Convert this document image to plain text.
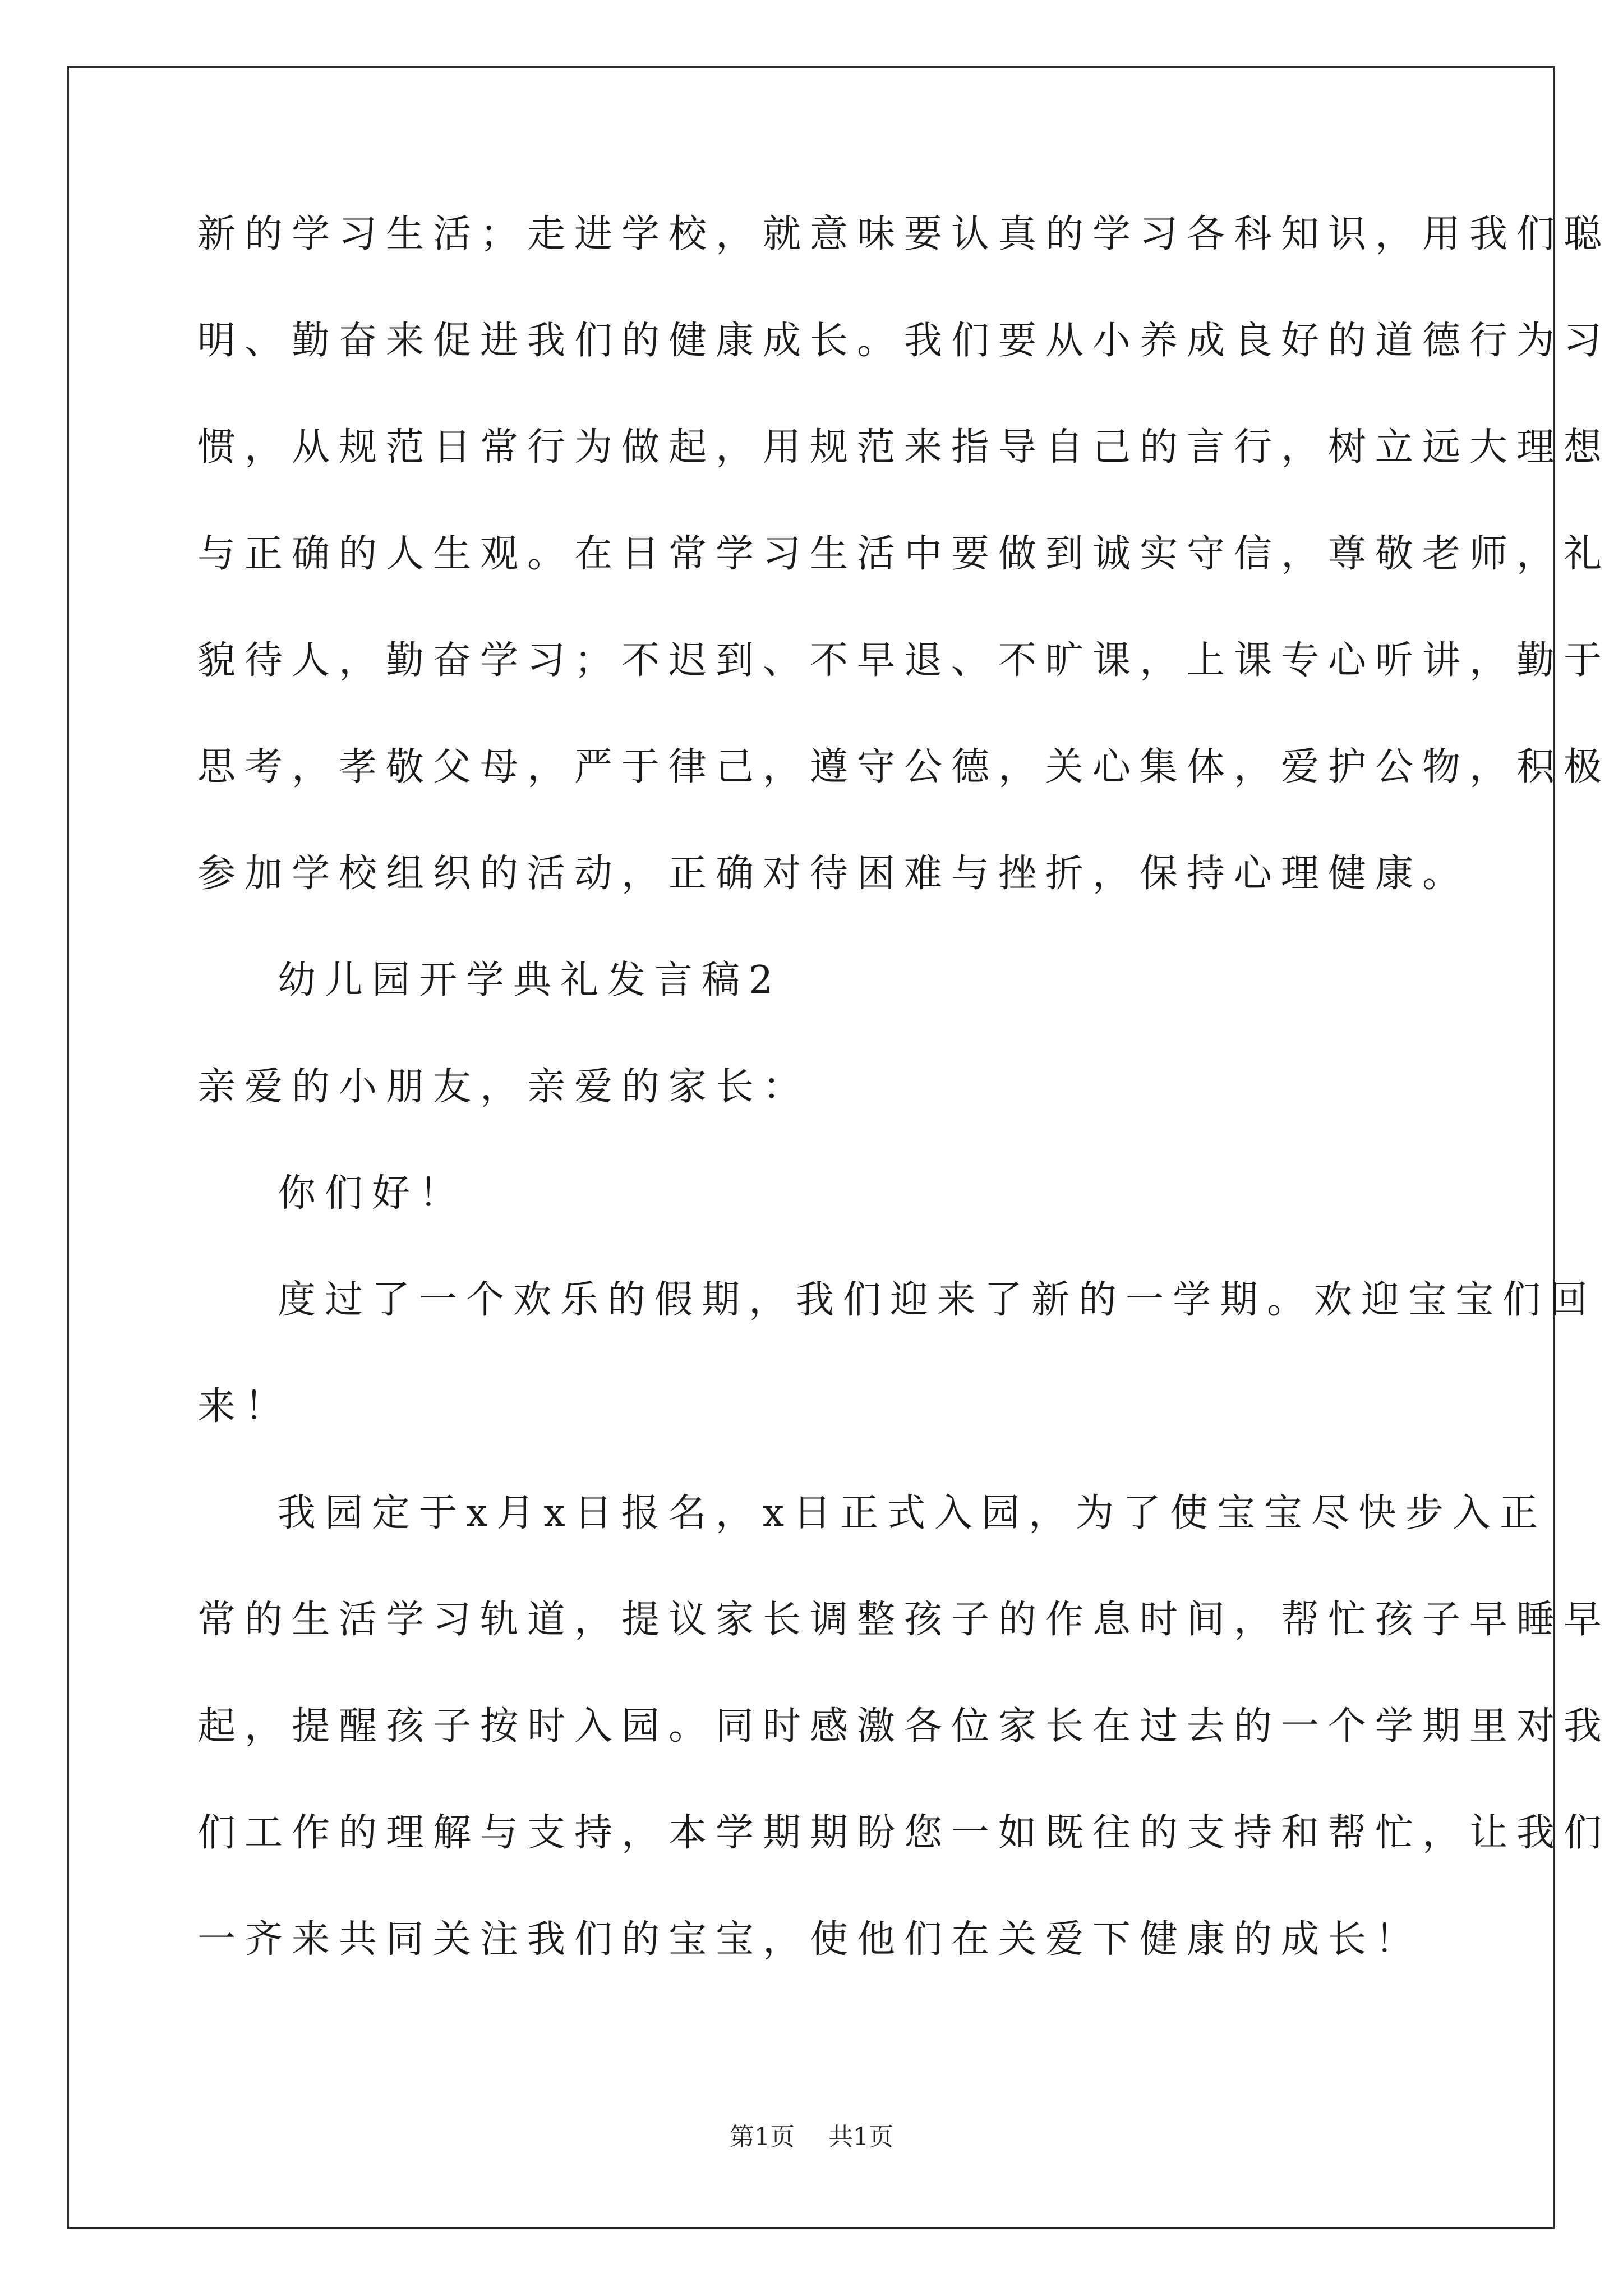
新的学习生活；走进学校，就意味要认真的学习各科知识，用我们聪
明、勤奋来促进我们的健康成长。我们要从小养成良好的道德行为习
惯，从规范日常行为做起，用规范来指导自己的言行，树立远大理想
与正确的人生观。在日常学习生活中要做到诚实守信，尊敬老师，礼
貌待人，勤奋学习；不迟到、不早退、不旷课，上课专心听讲，勤于
思考，孝敬父母，严于律己，遵守公德，关心集体，爱护公物，积极
参加学校组织的活动，正确对待困难与挫折，保持心理健康。
幼儿园开学典礼发言稿2
亲爱的小朋友，亲爱的家长：
你们好！
度过了一个欢乐的假期，我们迎来了新的一学期。欢迎宝宝们回
来！
我园定于x月x日报名，x日正式入园，为了使宝宝尽快步入正
常的生活学习轨道，提议家长调整孩子的作息时间，帮忙孩子早睡早
起，提醒孩子按时入园。同时感激各位家长在过去的一个学期里对我
们工作的理解与支持，本学期期盼您一如既往的支持和帮忙，让我们
一齐来共同关注我们的宝宝，使他们在关爱下健康的成长！
第1页 共1页
